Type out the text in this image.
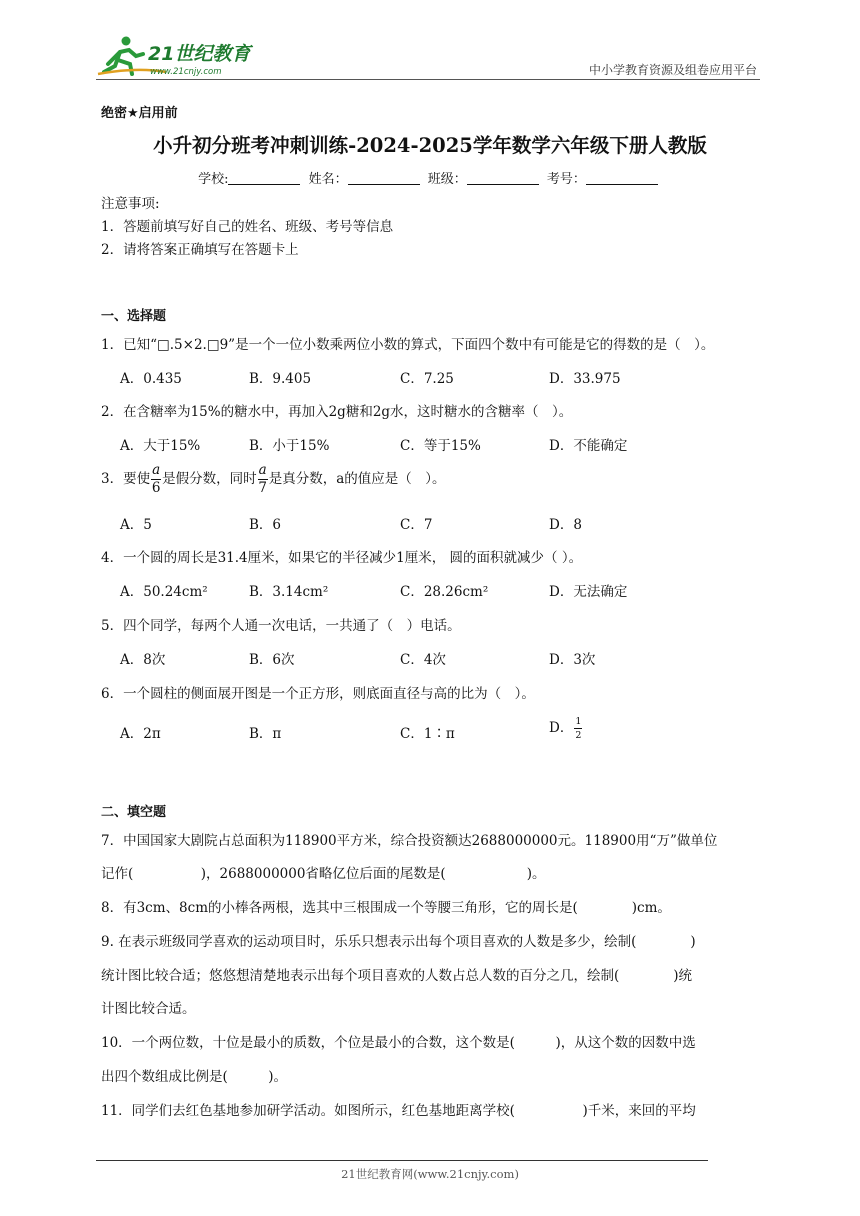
21世纪教育
www.21cnjy.com	中小学教育资源及组卷应用平台
绝密★启用前
小升初分班考冲刺训练-2024-2025学年数学六年级下册人教版
学校:	姓名：	班级：	考号：
注意事项:
1．答题前填写好自己的姓名、班级、考号等信息
2．请将答案正确填写在答题卡上
一、选择题
1．已知“□.5×2.□9”是一个一位小数乘两位小数的算式，下面四个数中有可能是它的得数的是（　）。
A．0.435	B．9.405	C．7.25	D．33.975
2．在含糖率为15%的糖水中，再加入2g糖和2g水，这时糖水的含糖率（　）。
A．大于15%	B．小于15%	C．等于15%	D．不能确定
3．要使 $\frac{a}{6}$ 是假分数，同时 $\frac{a}{7}$ 是真分数，a的值应是（　）。
A．5	B．6	C．7	D．8
4．一个圆的周长是31.4厘米，如果它的半径减少1厘米， 圆的面积就减少（ ）。
A．50.24cm²	B．3.14cm²	C．28.26cm²	D．无法确定
5．四个同学，每两个人通一次电话，一共通了（　）电话。
A．8次	B．6次	C．4次	D．3次
6．一个圆柱的侧面展开图是一个正方形，则底面直径与高的比为（　）。
A．2π	B．π	C．1∶π	D． $\frac{1}{2}$
二、填空题
7．中国国家大剧院占总面积为118900平方米，综合投资额达2688000000元。118900用“万”做单位
记作(　　　　　)，2688000000省略亿位后面的尾数是(　　　　　　)。
8．有3cm、8cm的小棒各两根，选其中三根围成一个等腰三角形，它的周长是(　　　　)cm。
9. 在表示班级同学喜欢的运动项目时，乐乐只想表示出每个项目喜欢的人数是多少，绘制(　　　　)
统计图比较合适；悠悠想清楚地表示出每个项目喜欢的人数占总人数的百分之几，绘制(　　　　)统
计图比较合适。
10．一个两位数，十位是最小的质数，个位是最小的合数，这个数是(　　　)，从这个数的因数中选
出四个数组成比例是(　　　)。
11．同学们去红色基地参加研学活动。如图所示，红色基地距离学校(　　　　　)千米，来回的平均
21世纪教育网(www.21cnjy.com)
